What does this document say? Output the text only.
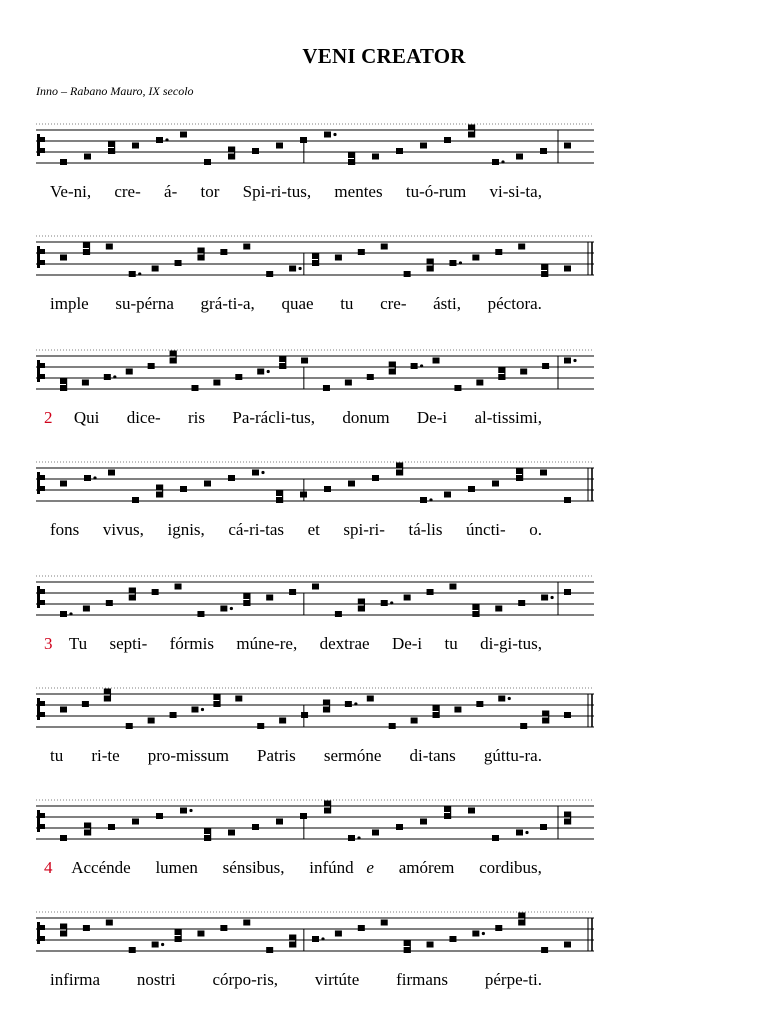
VENI CREATOR
Inno – Rabano Mauro, IX secolo
Ve-ni, cre- á- tor Spi-ri-tus, mentes tu-ó-rum vi-si-ta,
imple su-pérna grá-ti-a, quae tu cre- ásti, péctora.
2 Qui dice- ris Pa-rácli-tus, donum De-i al-tissimi,
fons vivus, ignis, cá-ri-tas et spi-ri- tá-lis úncti- o.
3 Tu septi- fórmis múne-re, dextrae De-i tu di-gi-tus,
tu ri-te pro-missum Patris sermóne di-tans gúttu-ra.
4 Accénde lumen sénsibus, infúnd e amórem cordibus,
infirma nostri córpo-ris, virtúte firmans pérpe-ti.
